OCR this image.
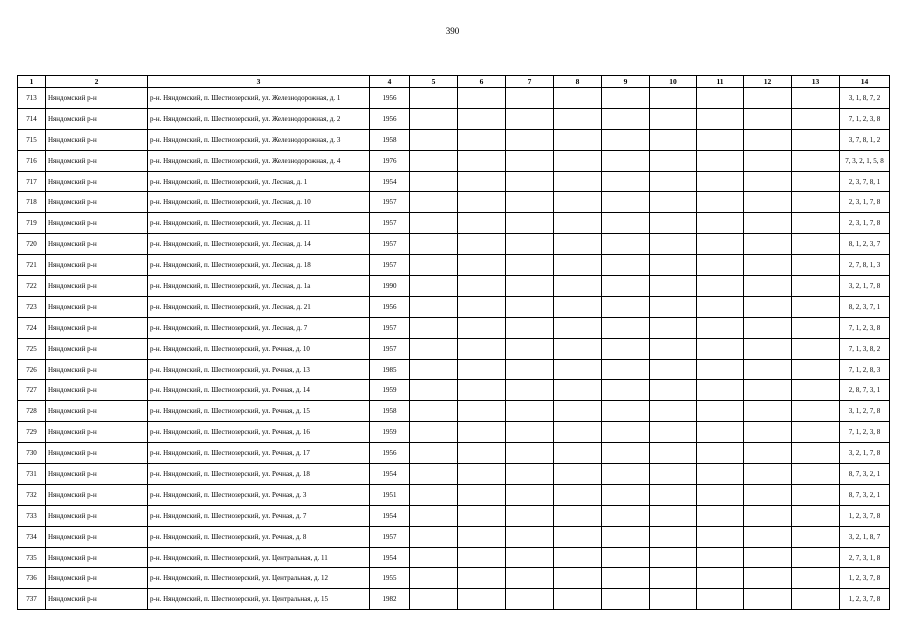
390
1	2	3	4	5	6	7	8	9	10	11	12	13	14
713	Няндомский р-н	р-н. Няндомский, п. Шестиозерский, ул. Железнодорожная, д. 1	1956										3, 1, 8, 7, 2
714	Няндомский р-н	р-н. Няндомский, п. Шестиозерский, ул. Железнодорожная, д. 2	1956										7, 1, 2, 3, 8
715	Няндомский р-н	р-н. Няндомский, п. Шестиозерский, ул. Железнодорожная, д. 3	1958										3, 7, 8, 1, 2
716	Няндомский р-н	р-н. Няндомский, п. Шестиозерский, ул. Железнодорожная, д. 4	1976										7, 3, 2, 1, 5, 8
717	Няндомский р-н	р-н. Няндомский, п. Шестиозерский, ул. Лесная, д. 1	1954										2, 3, 7, 8, 1
718	Няндомский р-н	р-н. Няндомский, п. Шестиозерский, ул. Лесная, д. 10	1957										2, 3, 1, 7, 8
719	Няндомский р-н	р-н. Няндомский, п. Шестиозерский, ул. Лесная, д. 11	1957										2, 3, 1, 7, 8
720	Няндомский р-н	р-н. Няндомский, п. Шестиозерский, ул. Лесная, д. 14	1957										8, 1, 2, 3, 7
721	Няндомский р-н	р-н. Няндомский, п. Шестиозерский, ул. Лесная, д. 18	1957										2, 7, 8, 1, 3
722	Няндомский р-н	р-н. Няндомский, п. Шестиозерский, ул. Лесная, д. 1а	1990										3, 2, 1, 7, 8
723	Няндомский р-н	р-н. Няндомский, п. Шестиозерский, ул. Лесная, д. 21	1956										8, 2, 3, 7, 1
724	Няндомский р-н	р-н. Няндомский, п. Шестиозерский, ул. Лесная, д. 7	1957										7, 1, 2, 3, 8
725	Няндомский р-н	р-н. Няндомский, п. Шестиозерский, ул. Речная, д. 10	1957										7, 1, 3, 8, 2
726	Няндомский р-н	р-н. Няндомский, п. Шестиозерский, ул. Речная, д. 13	1985										7, 1, 2, 8, 3
727	Няндомский р-н	р-н. Няндомский, п. Шестиозерский, ул. Речная, д. 14	1959										2, 8, 7, 3, 1
728	Няндомский р-н	р-н. Няндомский, п. Шестиозерский, ул. Речная, д. 15	1958										3, 1, 2, 7, 8
729	Няндомский р-н	р-н. Няндомский, п. Шестиозерский, ул. Речная, д. 16	1959										7, 1, 2, 3, 8
730	Няндомский р-н	р-н. Няндомский, п. Шестиозерский, ул. Речная, д. 17	1956										3, 2, 1, 7, 8
731	Няндомский р-н	р-н. Няндомский, п. Шестиозерский, ул. Речная, д. 18	1954										8, 7, 3, 2, 1
732	Няндомский р-н	р-н. Няндомский, п. Шестиозерский, ул. Речная, д. 3	1951										8, 7, 3, 2, 1
733	Няндомский р-н	р-н. Няндомский, п. Шестиозерский, ул. Речная, д. 7	1954										1, 2, 3, 7, 8
734	Няндомский р-н	р-н. Няндомский, п. Шестиозерский, ул. Речная, д. 8	1957										3, 2, 1, 8, 7
735	Няндомский р-н	р-н. Няндомский, п. Шестиозерский, ул. Центральная, д. 11	1954										2, 7, 3, 1, 8
736	Няндомский р-н	р-н. Няндомский, п. Шестиозерский, ул. Центральная, д. 12	1955										1, 2, 3, 7, 8
737	Няндомский р-н	р-н. Няндомский, п. Шестиозерский, ул. Центральная, д. 15	1982										1, 2, 3, 7, 8
